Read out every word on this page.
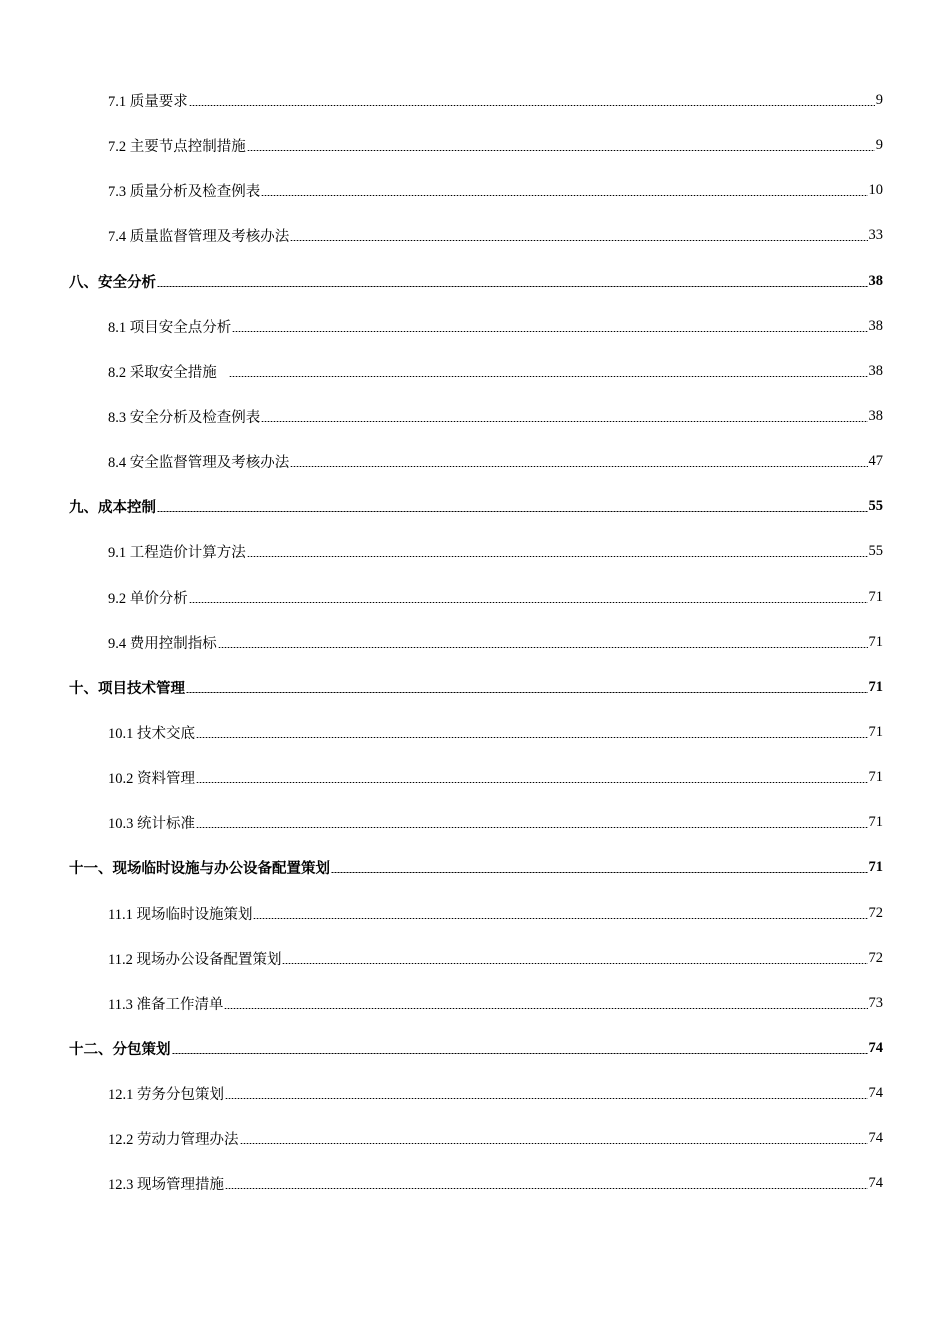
7.1 质量要求	9
7.2 主要节点控制措施	9
7.3 质量分析及检查例表	10
7.4 质量监督管理及考核办法	33
八、安全分析	38
8.1 项目安全点分析	38
8.2 采取安全措施	38
8.3 安全分析及检查例表	38
8.4 安全监督管理及考核办法	47
九、成本控制	55
9.1 工程造价计算方法	55
9.2 单价分析	71
9.4 费用控制指标	71
十、项目技术管理	71
10.1 技术交底	71
10.2 资料管理	71
10.3 统计标准	71
十一、现场临时设施与办公设备配置策划	71
11.1 现场临时设施策划	72
11.2 现场办公设备配置策划	72
11.3 准备工作清单	73
十二、分包策划	74
12.1 劳务分包策划	74
12.2 劳动力管理办法	74
12.3 现场管理措施	74
